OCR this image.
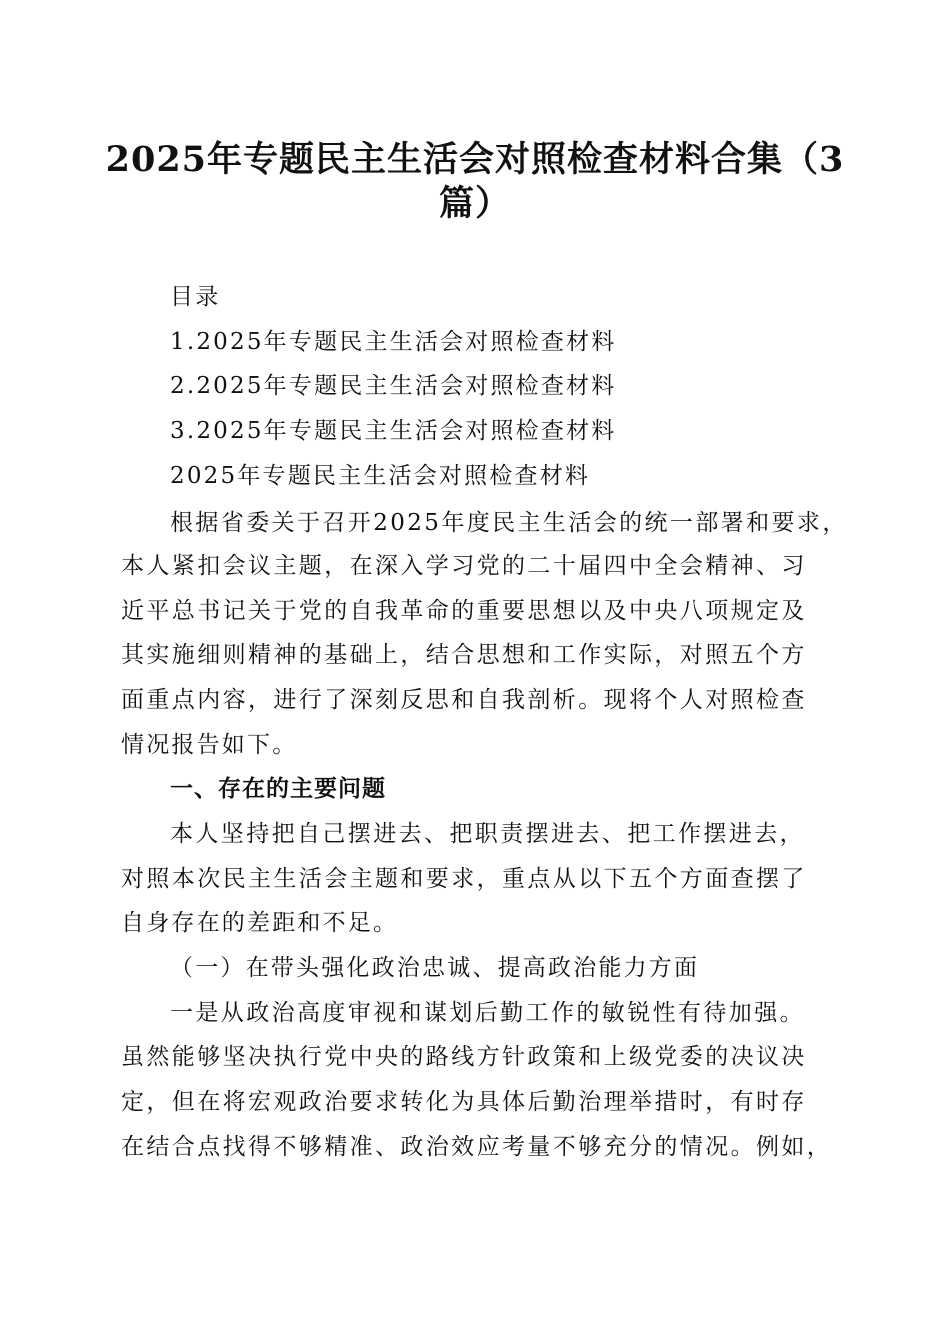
2025年专题民主生活会对照检查材料合集（3
篇）
目录
1.2025年专题民主生活会对照检查材料
2.2025年专题民主生活会对照检查材料
3.2025年专题民主生活会对照检查材料
2025年专题民主生活会对照检查材料
根据省委关于召开2025年度民主生活会的统一部署和要求，
本人紧扣会议主题，在深入学习党的二十届四中全会精神、习
近平总书记关于党的自我革命的重要思想以及中央八项规定及
其实施细则精神的基础上，结合思想和工作实际，对照五个方
面重点内容，进行了深刻反思和自我剖析。现将个人对照检查
情况报告如下。
一、存在的主要问题
本人坚持把自己摆进去、把职责摆进去、把工作摆进去，
对照本次民主生活会主题和要求，重点从以下五个方面查摆了
自身存在的差距和不足。
（一）在带头强化政治忠诚、提高政治能力方面
一是从政治高度审视和谋划后勤工作的敏锐性有待加强。
虽然能够坚决执行党中央的路线方针政策和上级党委的决议决
定，但在将宏观政治要求转化为具体后勤治理举措时，有时存
在结合点找得不够精准、政治效应考量不够充分的情况。例如，
